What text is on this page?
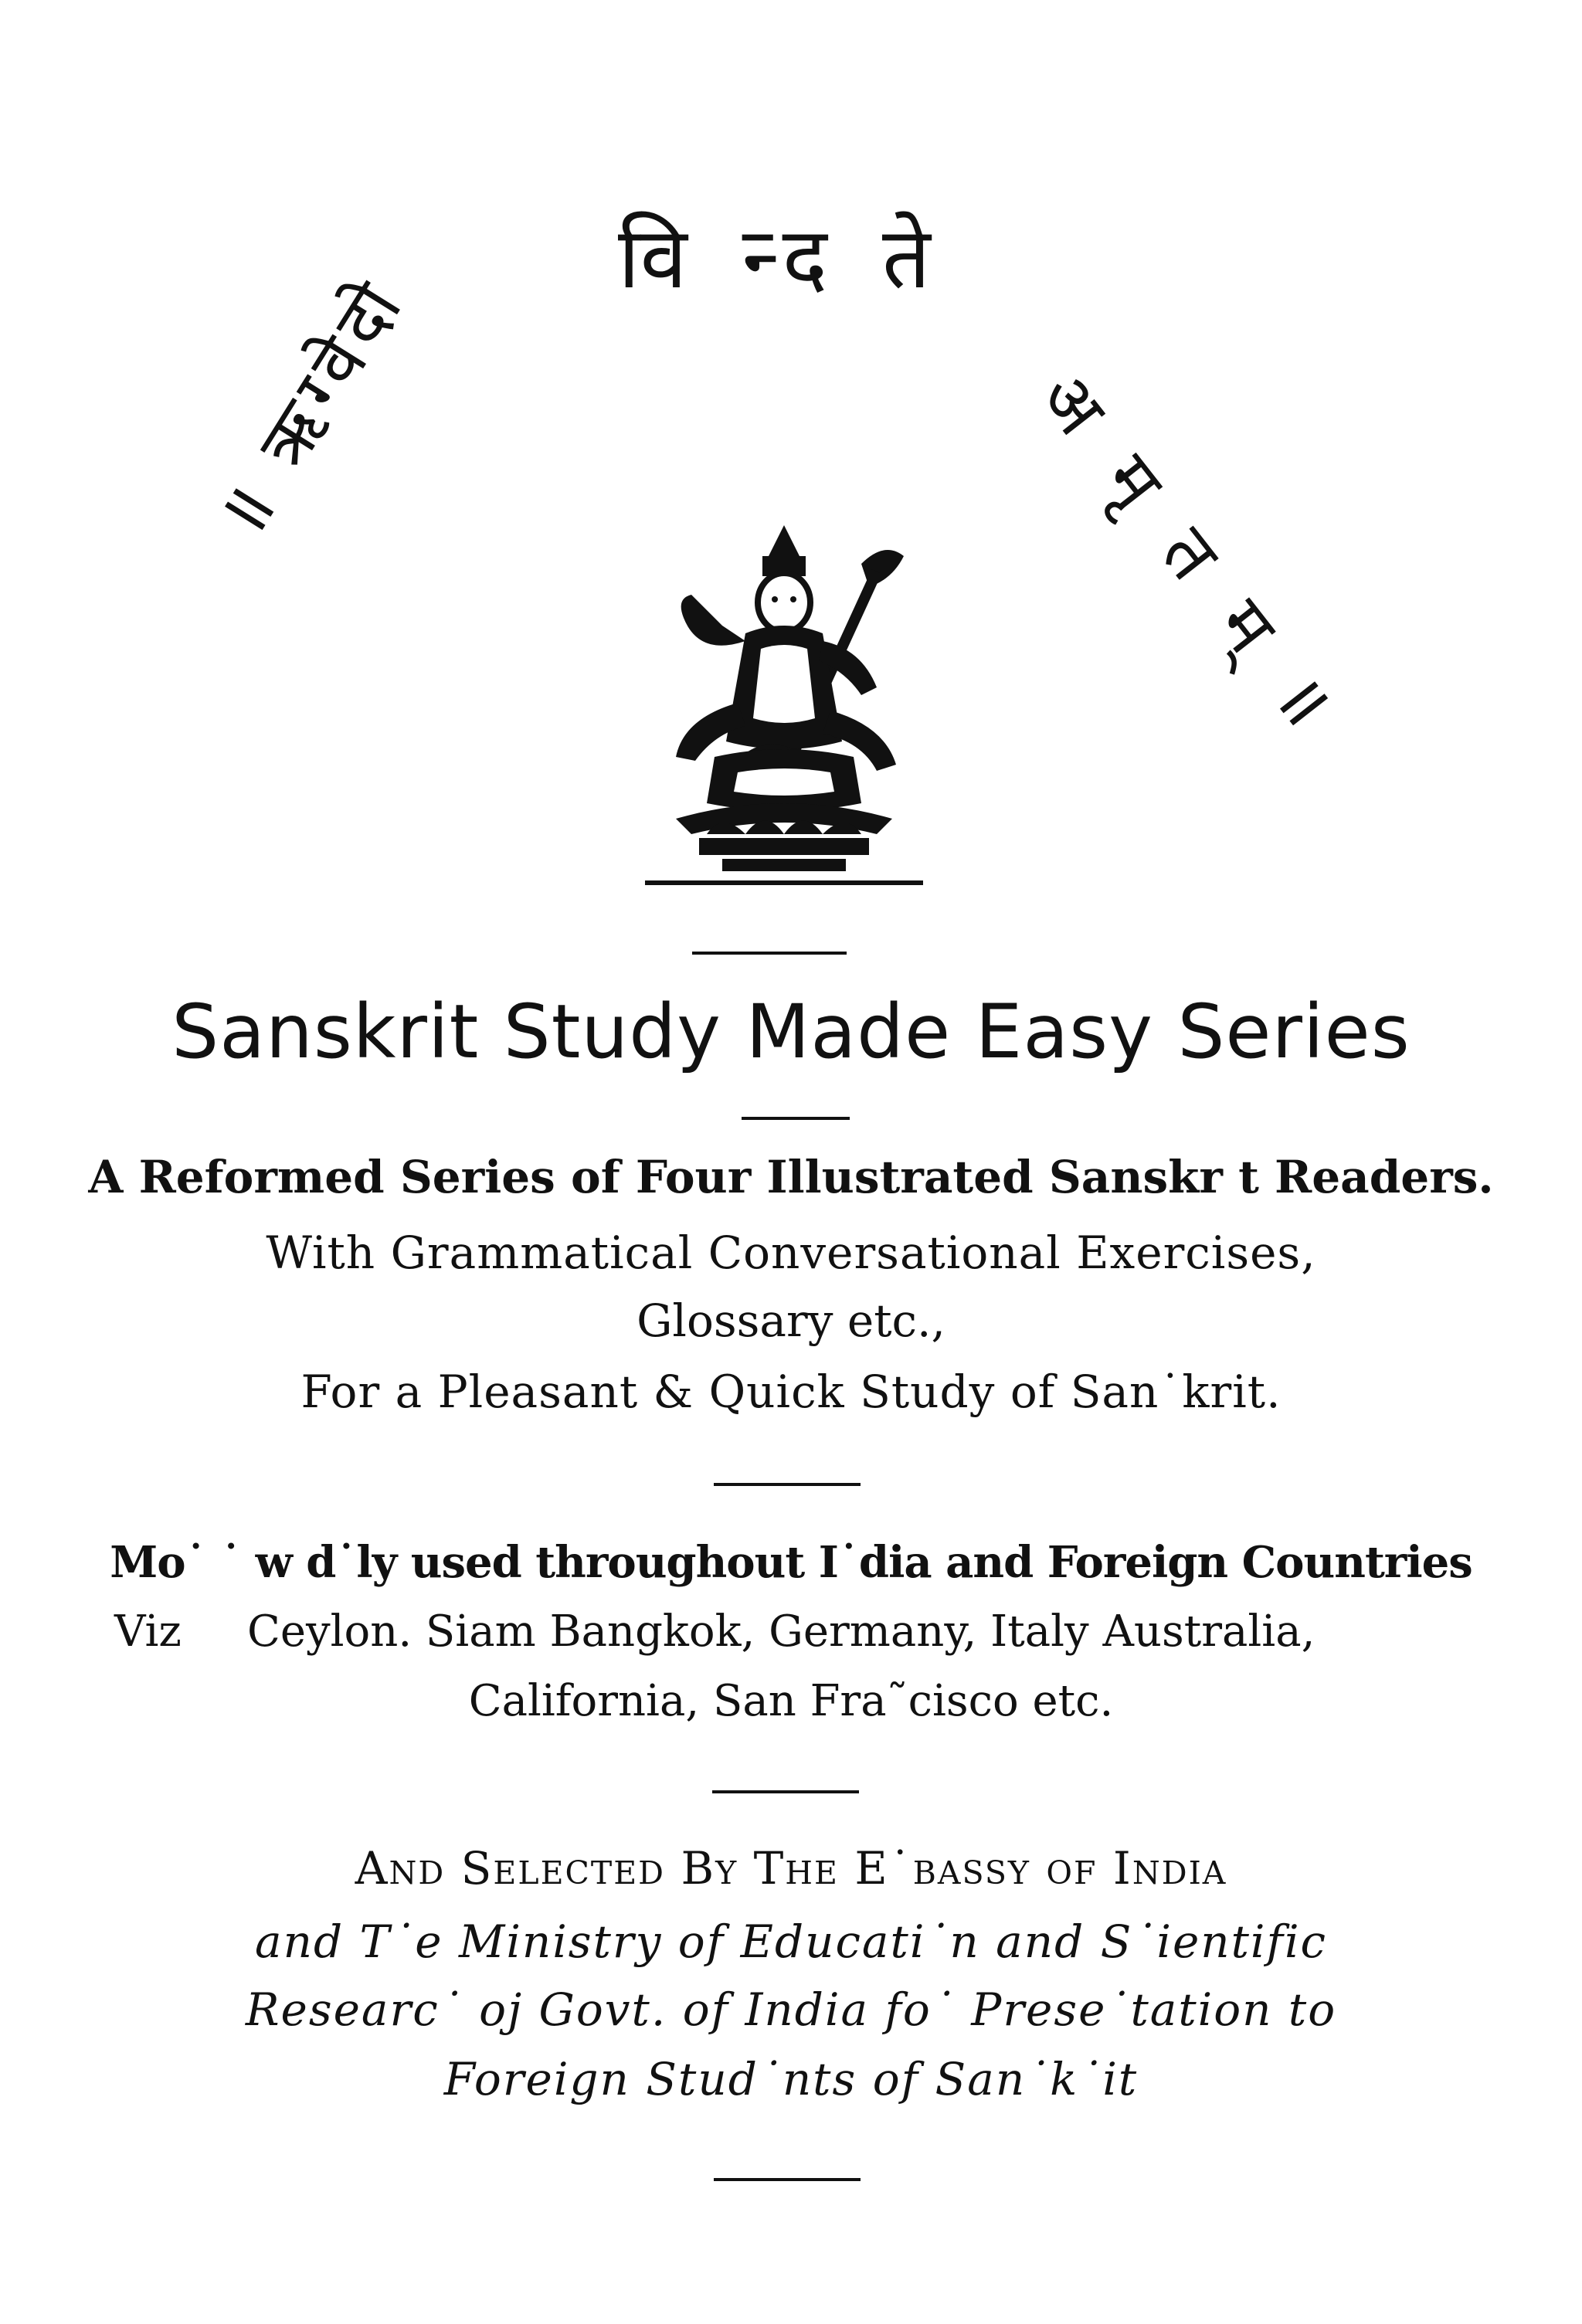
वि न्द ते
॥ ऋग्वेदो	अ मृ त म् ॥
Sanskrit Study Made Easy Series
A Reformed Series of Four Illustrated Sanskr t Readers.
With Grammatical Conversational Exercises,
Glossary etc.,
For a Pleasant & Quick Study of San˙krit.
Mo˙ ˙ w d˙ly used throughout I˙dia and Foreign Countries
Viz Ceylon. Siam Bangkok, Germany, Italy Australia,
California, San Fra˜cisco etc.
And Selected By The E˙bassy of India
and T˙e Ministry of Educati˙n and S˙ientific
Researc˙ oj Govt. of India fo˙ Prese˙tation to
Foreign Stud˙nts of San˙k˙it
